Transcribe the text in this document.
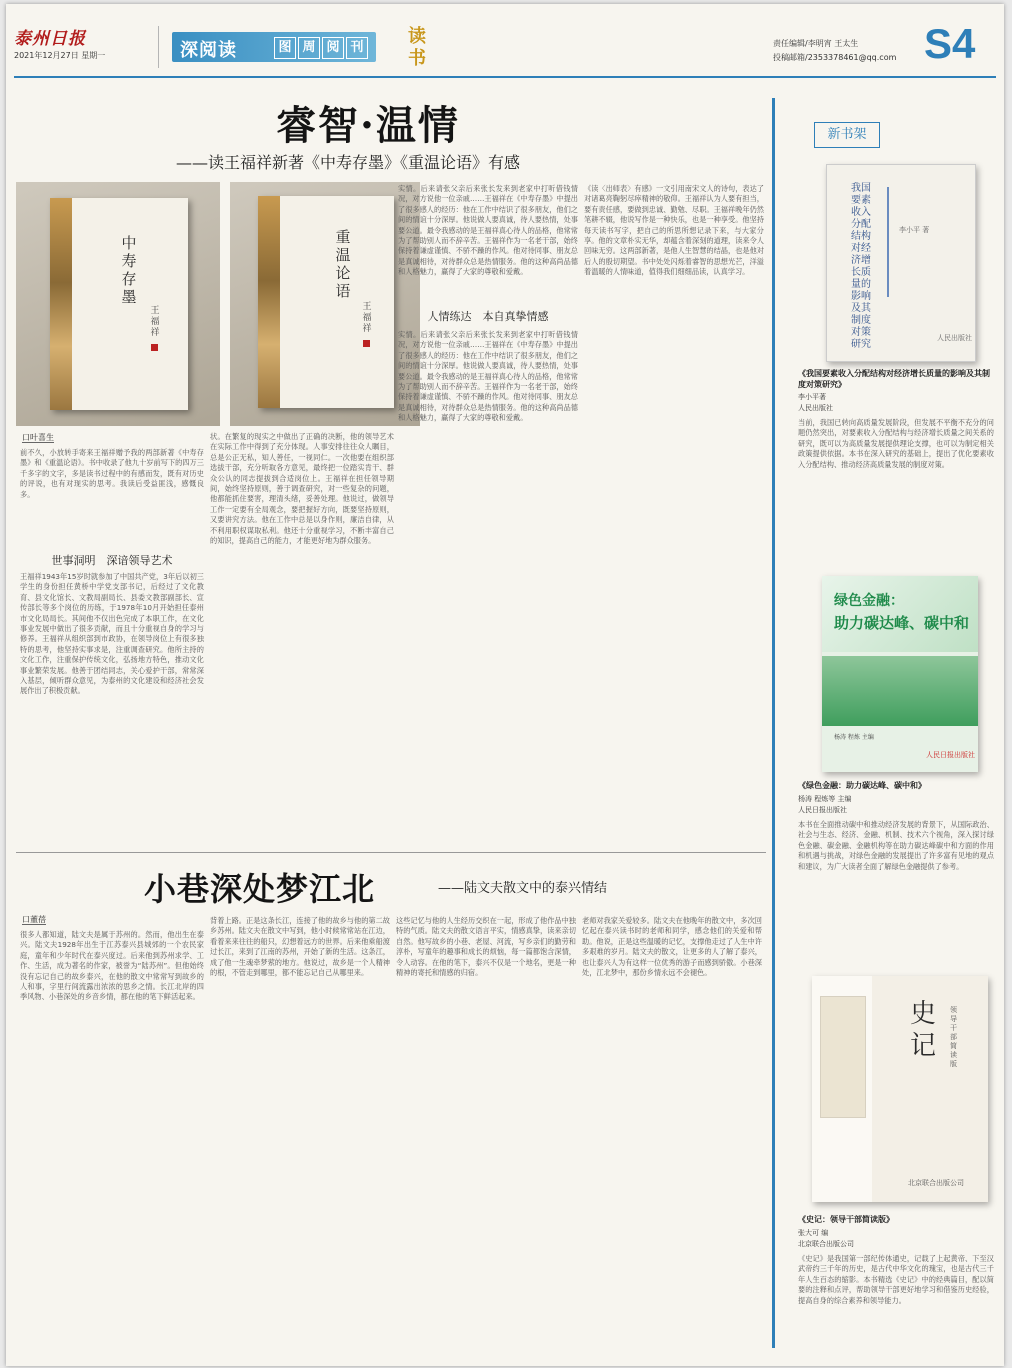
泰州日报
2021年12月27日 星期一	深阅读	图 周 阅 刊
读书
责任编辑/李明宵 王太生
投稿邮箱/2353378461@qq.com S4
睿智·温情
——读王福祥新著《中寿存墨》《重温论语》有感
中寿存墨
王福祥
重温论语
王福祥
口叶喜生
前不久，小放转手寄来王福祥赠予我的两部新著《中寿存墨》和《重温论语》。书中收录了他九十岁前写下的四万三千多字的文字，多是读书过程中的有感而发，既有对历史的评说，也有对现实的思考。我读后受益匪浅，感慨良多。
世事洞明　深谙领导艺术
王福祥1943年15岁时就参加了中国共产党，3年后以初三学生的身份担任黄桥中学党支部书记，后经过了文化教育、县文化馆长、文教局副局长、县委文教部副部长、宣传部长等多个岗位的历练，于1978年10月开始担任泰州市文化局局长。其间他不仅出色完成了本职工作，在文化事业发展中做出了很多贡献，而且十分重视自身的学习与修养。王福祥从组织部到市政协，在领导岗位上有很多独特的思考，他坚持实事求是，注重调查研究。他所主持的文化工作，注重保护传统文化，弘扬地方特色，推动文化事业繁荣发展。他善于团结同志，关心爱护干部，常常深入基层，倾听群众意见，为泰州的文化建设和经济社会发展作出了积极贡献。
状。在繁复的现实之中做出了正确的决断，他的领导艺术在实际工作中得到了充分体现。人事安排往往众人瞩目，总是公正无私，知人善任，一视同仁。一次他要在组织部选拔干部，充分听取各方意见，最终把一位踏实肯干、群众公认的同志提拔到合适岗位上。王福祥在担任领导期间，始终坚持原则，善于调查研究，对一些复杂的问题，他都能抓住要害，理清头绪，妥善处理。他说过，做领导工作一定要有全局观念，要把握好方向，既要坚持原则，又要讲究方法。他在工作中总是以身作则，廉洁自律，从不利用职权谋取私利。他还十分重视学习，不断丰富自己的知识，提高自己的能力，才能更好地为群众服务。
实情。后来请张父亲后来张长发来到老家中打听借钱情况，对方说他一位亲戚……王福祥在《中寿存墨》中提出了很多感人的经历：他在工作中结识了很多朋友，他们之间的情谊十分深厚。他说做人要真诚，待人要热情，处事要公道。最令我感动的是王福祥真心待人的品格，他常常为了帮助别人而不辞辛苦。王福祥作为一名老干部，始终保持着谦虚谨慎、不骄不躁的作风。他对待同事、朋友总是真诚相待，对待群众总是热情服务。他的这种高尚品德和人格魅力，赢得了大家的尊敬和爱戴。
人情练达　本自真挚情感
实情。后来请张父亲后来张长发来到老家中打听借钱情况，对方说他一位亲戚……王福祥在《中寿存墨》中提出了很多感人的经历：他在工作中结识了很多朋友，他们之间的情谊十分深厚。他说做人要真诚，待人要热情，处事要公道。最令我感动的是王福祥真心待人的品格，他常常为了帮助别人而不辞辛苦。王福祥作为一名老干部，始终保持着谦虚谨慎、不骄不躁的作风。他对待同事、朋友总是真诚相待，对待群众总是热情服务。他的这种高尚品德和人格魅力，赢得了大家的尊敬和爱戴。
《读〈出师表〉有感》一文引用南宋文人的诗句，表达了对诸葛亮鞠躬尽瘁精神的敬仰。王福祥认为人要有担当，要有责任感，要做到忠诚、勤勉、尽职。王福祥晚年仍然笔耕不辍，他说写作是一种快乐，也是一种享受。他坚持每天读书写字，把自己的所思所想记录下来，与大家分享。他的文章朴实无华，却蕴含着深刻的道理，读来令人回味无穷。这两部新著，是他人生智慧的结晶，也是他对后人的殷切期望。书中处处闪烁着睿智的思想光芒，洋溢着温暖的人情味道，值得我们细细品读，认真学习。
小巷深处梦江北	——陆文夫散文中的泰兴情结
口董蓓
很多人都知道，陆文夫是属于苏州的。然而，他出生在泰兴。陆文夫1928年出生于江苏泰兴县城郊的一个农民家庭，童年和少年时代在泰兴度过。后来他到苏州求学、工作、生活，成为著名的作家，被誉为“陆苏州”。但他始终没有忘记自己的故乡泰兴，在他的散文中常常写到故乡的人和事，字里行间流露出浓浓的思乡之情。长江北岸的四季风物、小巷深处的乡音乡情，都在他的笔下鲜活起来。
背着上路。正是这条长江，连接了他的故乡与他的第二故乡苏州。陆文夫在散文中写到，他小时候常常站在江边，看着来来往往的船只，幻想着远方的世界。后来他乘船渡过长江，来到了江南的苏州，开始了新的生活。这条江，成了他一生魂牵梦萦的地方。他说过，故乡是一个人精神的根，不管走到哪里，都不能忘记自己从哪里来。
这些记忆与他的人生经历交织在一起，形成了他作品中独特的气质。陆文夫的散文语言平实，情感真挚，读来亲切自然。他写故乡的小巷、老屋、河流，写乡亲们的勤劳和淳朴，写童年的趣事和成长的烦恼，每一篇都饱含深情，令人动容。在他的笔下，泰兴不仅是一个地名，更是一种精神的寄托和情感的归宿。
老师对我家关爱较多。陆文夫在他晚年的散文中，多次回忆起在泰兴读书时的老师和同学，感念他们的关爱和帮助。他说，正是这些温暖的记忆，支撑他走过了人生中许多艰难的岁月。陆文夫的散文，让更多的人了解了泰兴，也让泰兴人为有这样一位优秀的游子而感到骄傲。小巷深处，江北梦中，那份乡情永远不会褪色。
新书架
我国要素收入分配结构对经济增长质量的影响及其制度对策研究
李小平 著
人民出版社
《我国要素收入分配结构对经济增长质量的影响及其制度对策研究》
李小平著
人民出版社
当前，我国已转向高质量发展阶段，但发展不平衡不充分的问题仍然突出，对要素收入分配结构与经济增长质量之间关系的研究，既可以为高质量发展提供理论支撑，也可以为制定相关政策提供依据。本书在深入研究的基础上，提出了优化要素收入分配结构、推动经济高质量发展的制度对策。
绿色金融：
助力碳达峰、碳中和
杨涛 程炼 主编
人民日报出版社
《绿色金融：助力碳达峰、碳中和》
杨涛 程炼等 主编
人民日报出版社
本书在全面推动碳中和推动经济发展的背景下，从国际政治、社会与生态、经济、金融、机制、技术六个视角，深入探讨绿色金融、碳金融、金融机构等在助力碳达峰碳中和方面的作用和机遇与挑战，对绿色金融的发展提出了许多富有见地的观点和建议，为广大读者全面了解绿色金融提供了参考。
史记
领导干部简读版
北京联合出版公司
《史记：领导干部简读版》
张大可 编
北京联合出版公司
《史记》是我国第一部纪传体通史，记载了上起黄帝、下至汉武帝约三千年的历史，是古代中华文化的瑰宝，也是古代三千年人生百态的缩影。本书精选《史记》中的经典篇目，配以简要的注释和点评，帮助领导干部更好地学习和借鉴历史经验，提高自身的综合素养和领导能力。
